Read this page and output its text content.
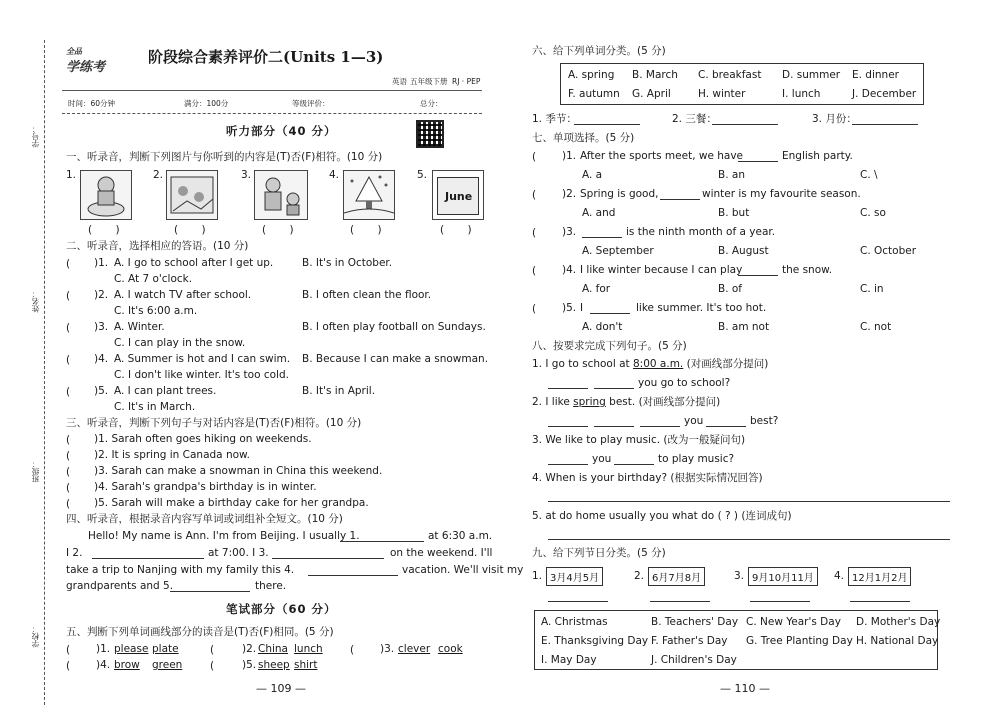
学号：
姓名：
班级：
学校：
全品
学练考
阶段综合素养评价二(Units 1—3)
英语 五年级下册 RJ · PEP
时间：60分钟	满分：100分	等级评价：	总分：
听力部分（40 分）
一、听录音，判断下列图片与你听到的内容是(T)否(F)相符。(10 分)
1.	2.	3.	4.	5.
June
(       )	(       )	(       )	(       )	(       )
二、听录音，选择相应的答语。(10 分)
( )1. A. I go to school after I get up.	B. It's in October.
C. At 7 o'clock.
( )2. A. I watch TV after school.	B. I often clean the floor.
C. It's 6:00 a.m.
( )3. A. Winter.	B. I often play football on Sundays.
C. I can play in the snow.
( )4. A. Summer is hot and I can swim. B. Because I can make a snowman.
C. I don't like winter. It's too cold.
( )5. A. I can plant trees.	B. It's in April.
C. It's in March.
三、听录音，判断下列句子与对话内容是(T)否(F)相符。(10 分)
( )1. Sarah often goes hiking on weekends.
( )2. It is spring in Canada now.
( )3. Sarah can make a snowman in China this weekend.
( )4. Sarah's grandpa's birthday is in winter.
( )5. Sarah will make a birthday cake for her grandpa.
四、听录音，根据录音内容写单词或词组补全短文。(10 分)
Hello! My name is Ann. I'm from Beijing. I usually 1.	at 6:30 a.m.
I 2.	at 7:00. I 3.	on the weekend. I'll
take a trip to Nanjing with my family this 4.	vacation. We'll visit my
grandparents and 5.	there.
笔试部分（60 分）
五、判断下列单词画线部分的读音是(T)否(F)相同。(5 分)
( )1. please plate	(	)2. China lunch	( )3. clever cook
( )4. brow green	(	)5. sheep shirt
— 109 —
六、给下列单词分类。(5 分)
A. spring B. March C. breakfast D. summer E. dinner
F. autumn G. April	H. winter	I. lunch	J. December
1. 季节：	2. 三餐：	3. 月份：
七、单项选择。(5 分)
( )1. After the sports meet, we have	English party.
A. a	B. an	C. \
( )2. Spring is good,	winter is my favourite season.
A. and	B. but	C. so
( )3.	is the ninth month of a year.
A. September	B. August	C. October
( )4. I like winter because I can play	the snow.
A. for	B. of	C. in
( )5. I	like summer. It's too hot.
A. don't	B. am not	C. not
八、按要求完成下列句子。(5 分)
1. I go to school at 8:00 a.m. (对画线部分提问)
you go to school?
2. I like spring best. (对画线部分提问)
you	best?
3. We like to play music. (改为一般疑问句)
you	to play music?
4. When is your birthday? (根据实际情况回答)
5. at do home usually you what do ( ? ) (连词成句)
九、给下列节日分类。(5 分)
1. 3月4月5月	2. 6月7月8月	3. 9月10月11月	4. 12月1月2月
A. Christmas	B. Teachers' Day C. New Year's Day D. Mother's Day
E. Thanksgiving Day F. Father's Day G. Tree Planting Day H. National Day
I. May Day	J. Children's Day
— 110 —
